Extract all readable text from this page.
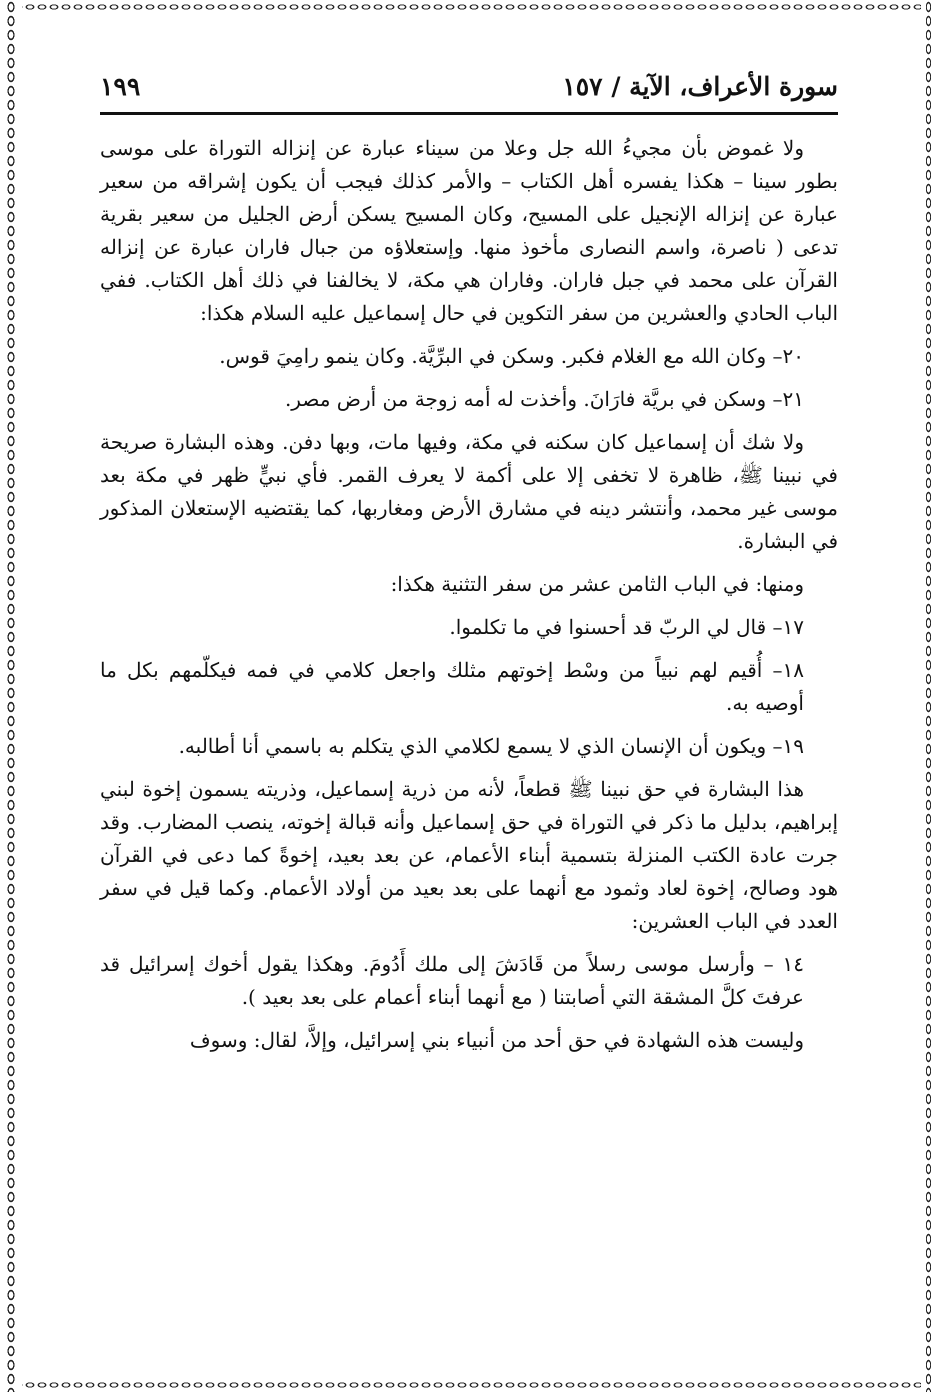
سورة الأعراف، الآية / ١٥٧
١٩٩

ولا غموض بأن مجيءُ الله جل وعلا من سيناء عبارة عن إنزاله التوراة على موسى بطور سينا – هكذا يفسره أهل الكتاب – والأمر كذلك فيجب أن يكون إشراقه من سعير عبارة عن إنزاله الإنجيل على المسيح، وكان المسيح يسكن أرض الجليل من سعير بقرية تدعى ( ناصرة، واسم النصارى مأخوذ منها. وإستعلاؤه من جبال فاران عبارة عن إنزاله القرآن على محمد في جبل فاران. وفاران هي مكة، لا يخالفنا في ذلك أهل الكتاب. ففي الباب الحادي والعشرين من سفر التكوين في حال إسماعيل عليه السلام هكذا:

٢٠– وكان الله مع الغلام فكبر. وسكن في البرِّيَّة. وكان ينمو رامِيَ قوس.

٢١– وسكن في بريَّة فارَانَ. وأخذت له أمه زوجة من أرض مصر.

ولا شك أن إسماعيل كان سكنه في مكة، وفيها مات، وبها دفن. وهذه البشارة صريحة في نبينا ﷺ، ظاهرة لا تخفى إلا على أكمة لا يعرف القمر. فأي نبيٍّ ظهر في مكة بعد موسى غير محمد، وأنتشر دينه في مشارق الأرض ومغاربها، كما يقتضيه الإستعلان المذكور في البشارة.

ومنها: في الباب الثامن عشر من سفر التثنية هكذا:

١٧– قال لي الربّ قد أحسنوا في ما تكلموا.

١٨– أُقيم لهم نبياً من وسْط إخوتهم مثلك واجعل كلامي في فمه فيكلّمهم بكل ما أوصيه به.

١٩– ويكون أن الإنسان الذي لا يسمع لكلامي الذي يتكلم به باسمي أنا أطالبه.

هذا البشارة في حق نبينا ﷺ قطعاً، لأنه من ذرية إسماعيل، وذريته يسمون إخوة لبني إبراهيم، بدليل ما ذكر في التوراة في حق إسماعيل وأنه قبالة إخوته، ينصب المضارب. وقد جرت عادة الكتب المنزلة بتسمية أبناء الأعمام، عن بعد بعيد، إخوةً كما دعى في القرآن هود وصالح، إخوة لعاد وثمود مع أنهما على بعد بعيد من أولاد الأعمام. وكما قيل في سفر العدد في الباب العشرين:

١٤ – وأرسل موسى رسلاً من قَادَشَ إلى ملك أَدُومَ. وهكذا يقول أخوك إسرائيل قد عرفتَ كلَّ المشقة التي أصابتنا ( مع أنهما أبناء أعمام على بعد بعيد ).

وليست هذه الشهادة في حق أحد من أنبياء بني إسرائيل، وإلاَّ، لقال: وسوف
